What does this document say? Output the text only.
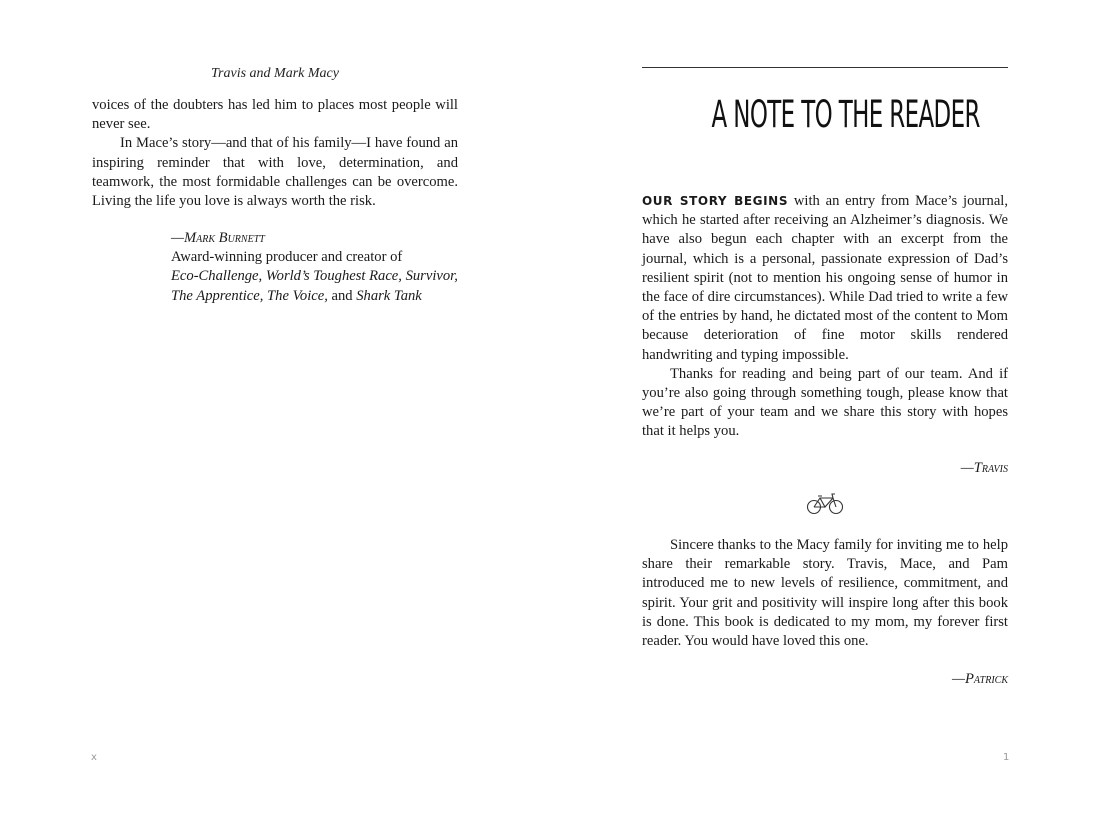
Travis and Mark Macy

voices of the doubters has led him to places most people will never see.

In Mace’s story—and that of his family—I have found an inspiring reminder that with love, determination, and teamwork, the most formidable challenges can be overcome. Living the life you love is always worth the risk.

—Mark Burnett
Award-winning producer and creator of
Eco-Challenge, World’s Toughest Race, Survivor,
The Apprentice, The Voice, and Shark Tank
x
A NOTE TO THE READER

OUR STORY BEGINS with an entry from Mace’s journal, which he started after receiving an Alzheimer’s diagnosis. We have also begun each chapter with an excerpt from the journal, which is a personal, passionate expression of Dad’s resilient spirit (not to mention his ongoing sense of humor in the face of dire circumstances). While Dad tried to write a few of the entries by hand, he dictated most of the content to Mom because deterioration of fine motor skills rendered handwriting and typing impossible.

Thanks for reading and being part of our team. And if you’re also going through something tough, please know that we’re part of your team and we share this story with hopes that it helps you.

—Travis

Sincere thanks to the Macy family for inviting me to help share their remarkable story. Travis, Mace, and Pam introduced me to new levels of resilience, commitment, and spirit. Your grit and positivity will inspire long after this book is done. This book is dedicated to my mom, my forever first reader. You would have loved this one.

—Patrick
1
